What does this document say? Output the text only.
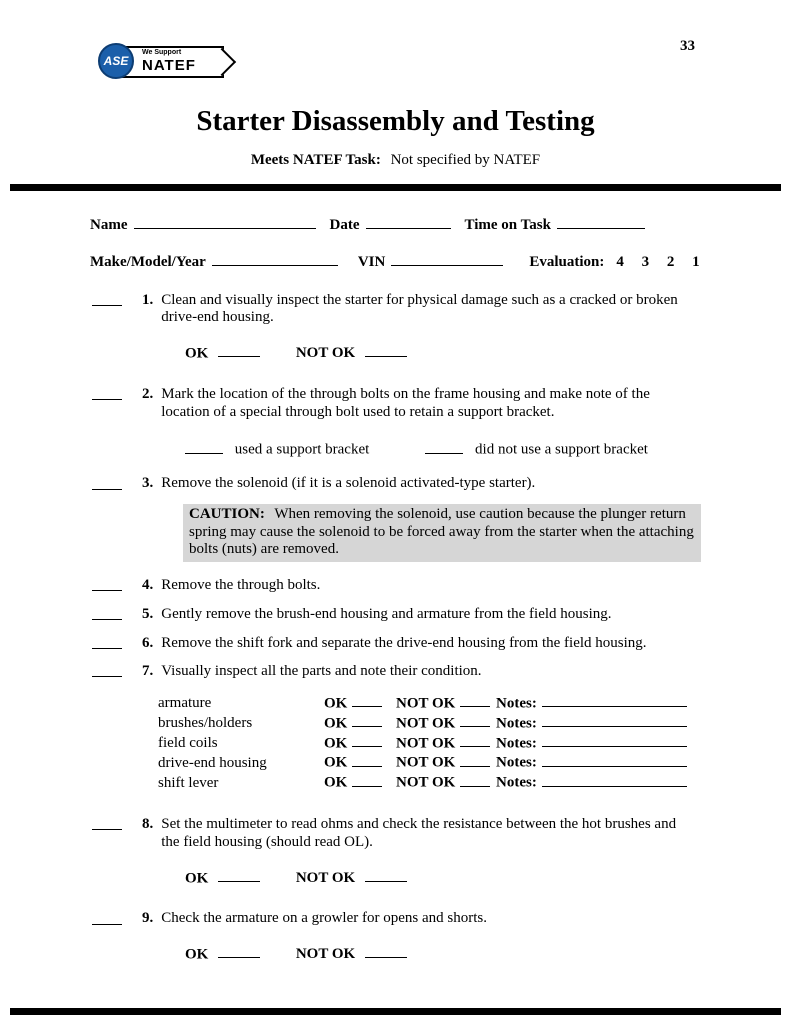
ASE
We Support
NATEF
33
Starter Disassembly and Testing
Meets NATEF Task: Not specified by NATEF
Name	Date	Time on Task
Make/Model/Year	VIN	Evaluation: 4 3 2 1
1. Clean and visually inspect the starter for physical damage such as a cracked or broken drive-end housing.
OK	NOT OK
2. Mark the location of the through bolts on the frame housing and make note of the location of a special through bolt used to retain a support bracket.
used a support bracket	did not use a support bracket
3. Remove the solenoid (if it is a solenoid activated-type starter).
CAUTION: When removing the solenoid, use caution because the plunger return spring may cause the solenoid to be forced away from the starter when the attaching bolts (nuts) are removed.
4. Remove the through bolts.
5. Gently remove the brush-end housing and armature from the field housing.
6. Remove the shift fork and separate the drive-end housing from the field housing.
7. Visually inspect all the parts and note their condition.
armature	OK	NOT OK	Notes:
brushes/holders	OK	NOT OK	Notes:
field coils	OK	NOT OK	Notes:
drive-end housing	OK	NOT OK	Notes:
shift lever	OK	NOT OK	Notes:
8. Set the multimeter to read ohms and check the resistance between the hot brushes and the field housing (should read OL).
OK	NOT OK
9. Check the armature on a growler for opens and shorts.
OK	NOT OK
